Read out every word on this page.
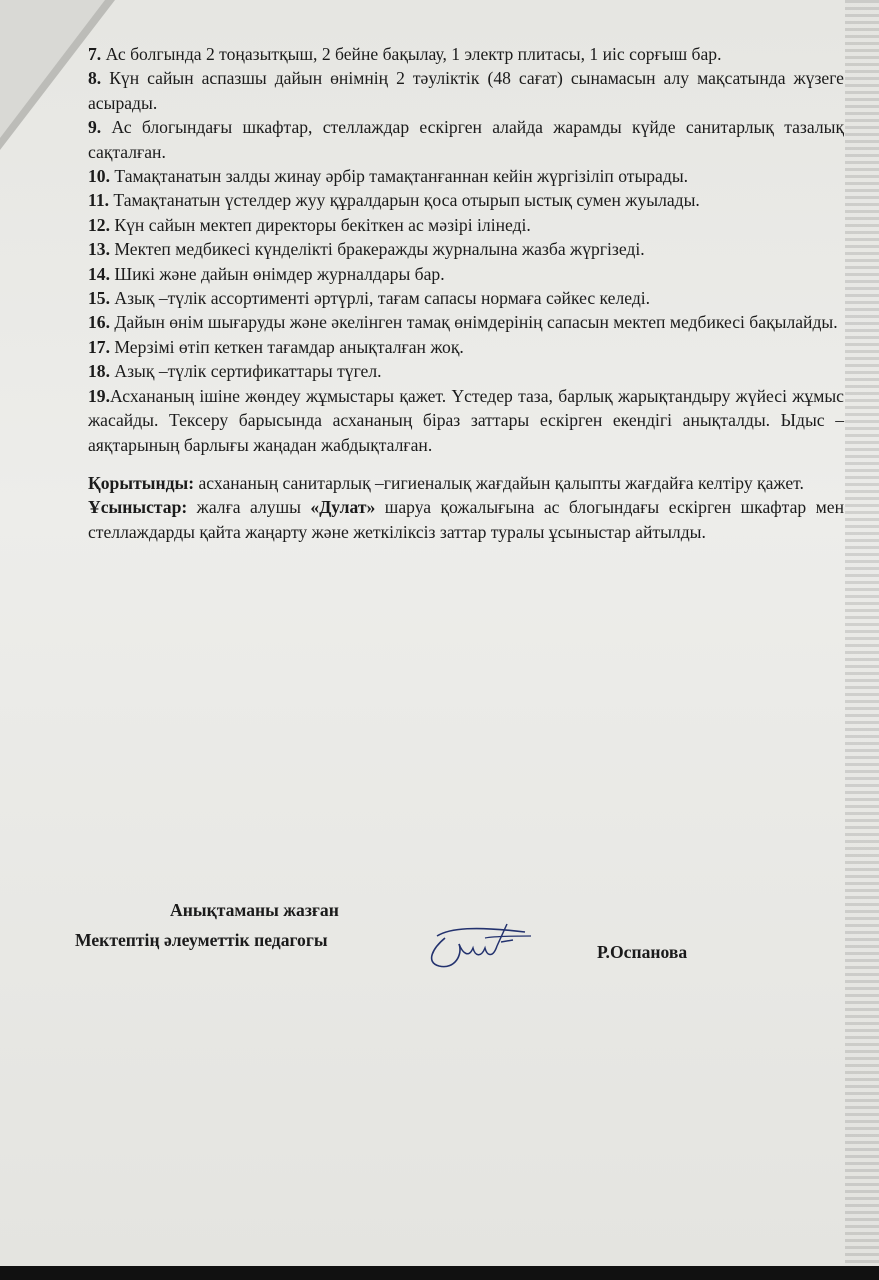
7. Ас болгында 2 тоңазытқыш, 2 бейне бақылау, 1 электр плитасы, 1 иіс сорғыш бар.

8. Күн сайын аспазшы дайын өнімнің 2 тәуліктік (48 сағат) сынамасын алу мақсатында жүзеге асырады.

9. Ас блогындағы шкафтар, стеллаждар ескірген алайда жарамды күйде санитарлық тазалық сақталған.

10. Тамақтанатын залды жинау әрбір тамақтанғаннан кейін жүргізіліп отырады.

11. Тамақтанатын үстелдер жуу құралдарын қоса отырып ыстық сумен жуылады.

12. Күн сайын мектеп директоры бекіткен ас мәзірі ілінеді.

13. Мектеп медбикесі күнделікті бракеражды журналына жазба жүргізеді.

14. Шикі және дайын өнімдер журналдары бар.

15. Азық –түлік ассортименті әртүрлі, тағам сапасы нормаға сәйкес келеді.

16. Дайын өнім шығаруды және әкелінген тамақ өнімдерінің сапасын мектеп медбикесі бақылайды.

17. Мерзімі өтіп кеткен тағамдар анықталған жоқ.

18. Азық –түлік сертификаттары түгел.

19.Асхананың ішіне жөндеу жұмыстары қажет. Үстедер таза, барлық жарықтандыру жүйесі жұмыс жасайды. Тексеру барысында асхананың біраз заттары ескірген екендігі анықталды. Ыдыс –аяқтарының барлығы жаңадан жабдықталған.

Қорытынды: асхананың санитарлық –гигиеналық жағдайын қалыпты жағдайға келтіру қажет.

Ұсыныстар: жалға алушы «Дулат» шаруа қожалығына ас блогындағы ескірген шкафтар мен стеллаждарды қайта жаңарту және жеткіліксіз заттар туралы ұсыныстар айтылды.

Анықтаманы жазған
Мектептің әлеуметтік педагогы
Р.Оспанова
